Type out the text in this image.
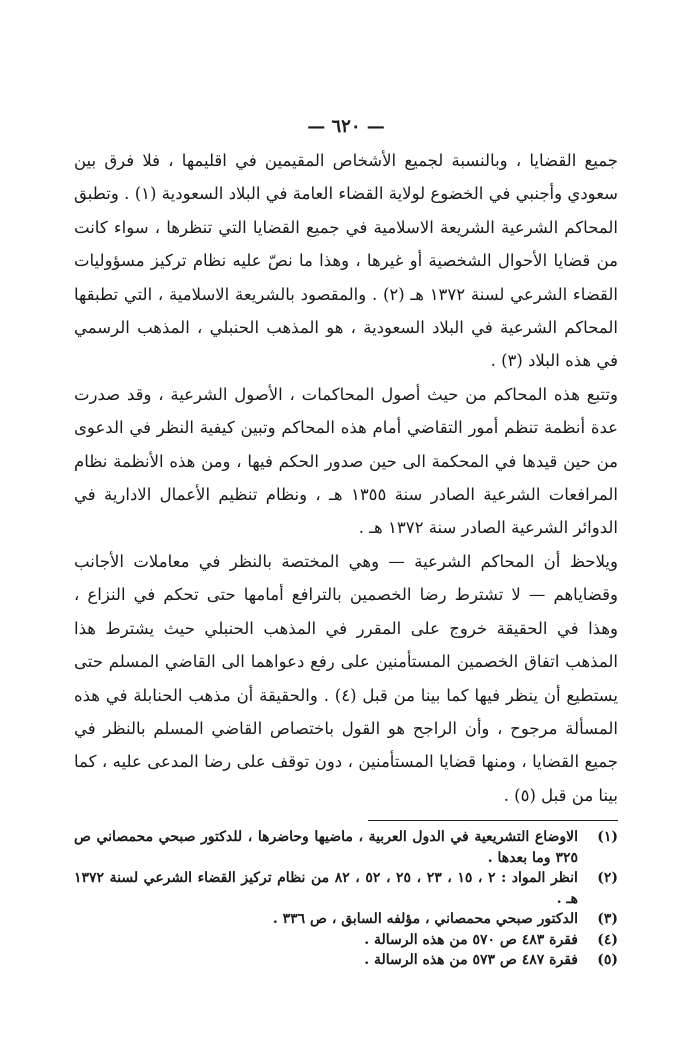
— ٦٢٠ —

جميع القضايا ، وبالنسبة لجميع الأشخاص المقيمين في اقليمها ، فلا فرق بين سعودي وأجنبي في الخضوع لولاية القضاء العامة في البلاد السعودية (١) . وتطبق المحاكم الشرعية الشريعة الاسلامية في جميع القضايا التي تنظرها ، سواء كانت من قضايا الأحوال الشخصية أو غيرها ، وهذا ما نصّ عليه نظام تركيز مسؤوليات القضاء الشرعي لسنة ١٣٧٢ هـ (٢) . والمقصود بالشريعة الاسلامية ، التي تطبقها المحاكم الشرعية في البلاد السعودية ، هو المذهب الحنبلي ، المذهب الرسمي في هذه البلاد (٣) .

وتتبع هذه المحاكم من حيث أصول المحاكمات ، الأصول الشرعية ، وقد صدرت عدة أنظمة تنظم أمور التقاضي أمام هذه المحاكم وتبين كيفية النظر في الدعوى من حين قيدها في المحكمة الى حين صدور الحكم فيها ، ومن هذه الأنظمة نظام المرافعات الشرعية الصادر سنة ١٣٥٥ هـ ، ونظام تنظيم الأعمال الادارية في الدوائر الشرعية الصادر سنة ١٣٧٢ هـ .

ويلاحظ أن المحاكم الشرعية — وهي المختصة بالنظر في معاملات الأجانب وقضاياهم — لا تشترط رضا الخصمين بالترافع أمامها حتى تحكم في النزاع ، وهذا في الحقيقة خروج على المقرر في المذهب الحنبلي حيث يشترط هذا المذهب اتفاق الخصمين المستأمنين على رفع دعواهما الى القاضي المسلم حتى يستطيع أن ينظر فيها كما بينا من قبل (٤) . والحقيقة أن مذهب الحنابلة في هذه المسألة مرجوح ، وأن الراجح هو القول باختصاص القاضي المسلم بالنظر في جميع القضايا ، ومنها قضايا المستأمنين ، دون توقف على رضا المدعى عليه ، كما بينا من قبل (٥) .

(١)
الاوضاع التشريعية في الدول العربية ، ماضيها وحاضرها ، للدكتور صبحي محمصاني ص ٣٢٥ وما بعدها .
(٢)
انظر المواد : ٢ ، ١٥ ، ٢٣ ، ٢٥ ، ٥٢ ، ٨٢ من نظام تركيز القضاء الشرعي لسنة ١٣٧٢ هـ .
(٣)
الدكتور صبحي محمصاني ، مؤلفه السابق ، ص ٣٣٦ .
(٤)
فقرة ٤٨٣ ص ٥٧٠ من هذه الرسالة .
(٥)
فقرة ٤٨٧ ص ٥٧٣ من هذه الرسالة .
